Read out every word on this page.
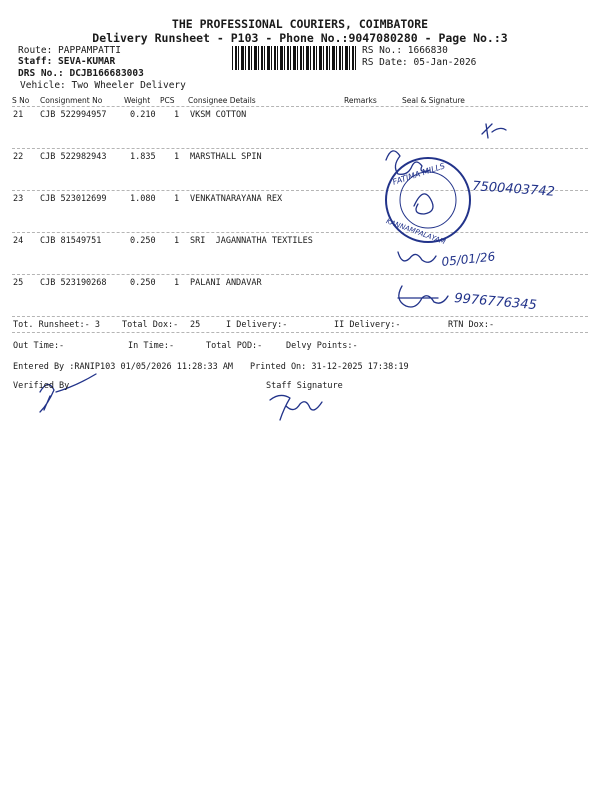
THE PROFESSIONAL COURIERS, COIMBATORE
Delivery Runsheet - P103 - Phone No.:9047080280 - Page No.:3
Route: PAPPAMPATTI
Staff: SEVA-KUMAR
DRS No.: DCJB166683003
Vehicle: Two Wheeler Delivery
RS No.: 1666830
RS Date: 05-Jan-2026
S No Consignment No	Weight PCS Consignee Details	Remarks	Seal & Signature
21 CJB 522994957	0.210 1 VKSM COTTON
22 CJB 522982943	1.835 1 MARSTHALL SPIN
23 CJB 523012699	1.080 1 VENKATNARAYANA REX
24 CJB 81549751	0.250 1 SRI  JAGANNATHA TEXTILES
25 CJB 523190268	0.250 1 PALANI ANDAVAR
7500403742
FATIMA MILLS
KANNAMPALAYAM
05/01/26
9976776345
Tot. Runsheet:- 3	Total Dox:- 25	I Delivery:-	II Delivery:-	RTN Dox:-
Out Time:-	In Time:-	Total POD:-	Delvy Points:-
Entered By :RANIP103 01/05/2026 11:28:33 AM Printed On: 31-12-2025 17:38:19
Verified By	Staff Signature
